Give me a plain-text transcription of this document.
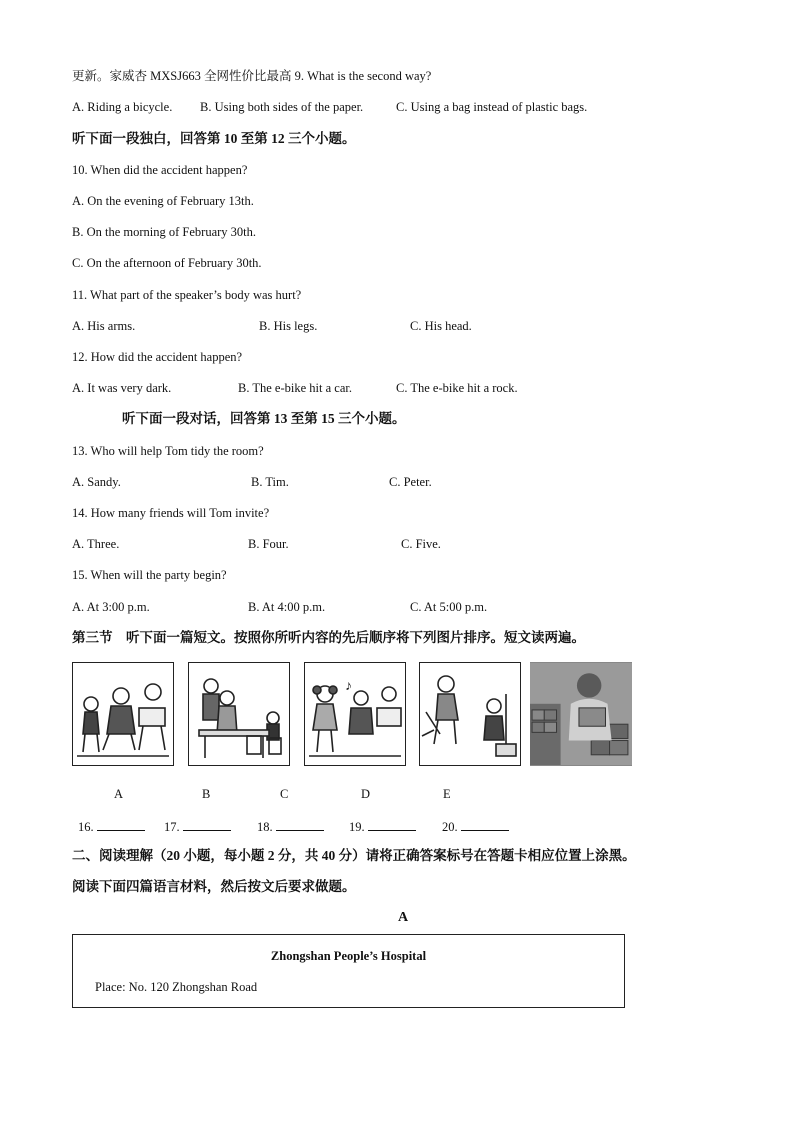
更新。家威杏 MXSJ663 全网性价比最高 9. What is the second way?
A. Riding a bicycle. B. Using both sides of the paper.	C. Using a bag instead of plastic bags.
听下面一段独白，回答第 10 至第 12 三个小题。
10. When did the accident happen?
A. On the evening of February 13th.
B. On the morning of February 30th.
C. On the afternoon of February 30th.
11. What part of the speaker’s body was hurt?
A. His arms.	B. His legs.	C. His head.
12. How did the accident happen?
A. It was very dark.	B. The e-bike hit a car.	C. The e-bike hit a rock.
听下面一段对话，回答第 13 至第 15 三个小题。
13. Who will help Tom tidy the room?
A. Sandy.	B. Tim.	C. Peter.
14. How many friends will Tom invite?
A. Three.	B. Four.	C. Five.
15. When will the party begin?
A. At 3:00 p.m.	B. At 4:00 p.m.	C. At 5:00 p.m.
第三节　听下面一篇短文。按照你所听内容的先后顺序将下列图片排序。短文读两遍。
♪
A	B	C	D	E
16.	17.	18.	19.	20.
二、阅读理解（20 小题，每小题 2 分，共 40 分）请将正确答案标号在答题卡相应位置上涂黑。
阅读下面四篇语言材料，然后按文后要求做题。
A
Zhongshan People’s Hospital
Place: No. 120 Zhongshan Road
